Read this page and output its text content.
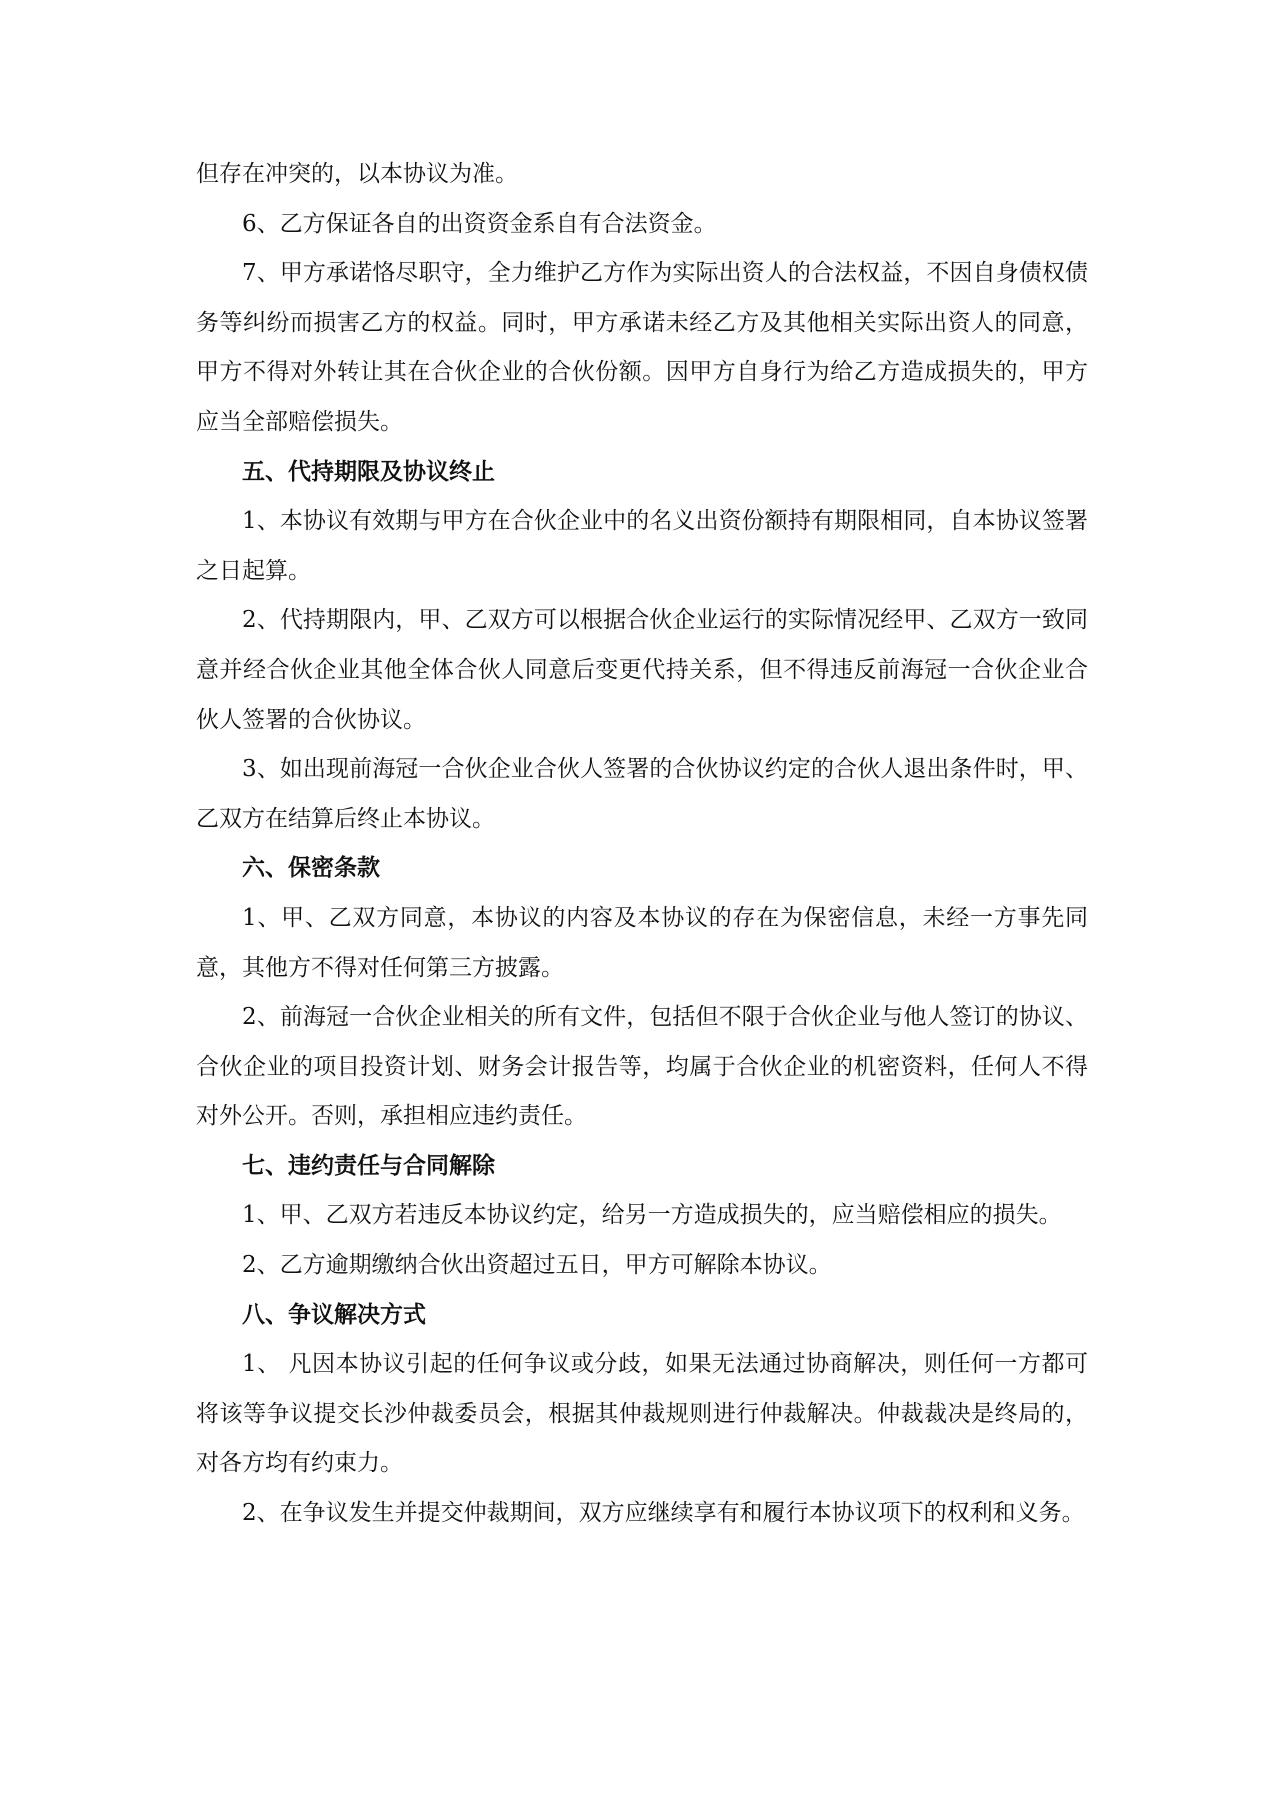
但存在冲突的，以本协议为准。

6、乙方保证各自的出资资金系自有合法资金。

7、甲方承诺恪尽职守，全力维护乙方作为实际出资人的合法权益，不因自身债权债务等纠纷而损害乙方的权益。同时，甲方承诺未经乙方及其他相关实际出资人的同意，甲方不得对外转让其在合伙企业的合伙份额。因甲方自身行为给乙方造成损失的，甲方应当全部赔偿损失。

五、代持期限及协议终止

1、本协议有效期与甲方在合伙企业中的名义出资份额持有期限相同，自本协议签署之日起算。

2、代持期限内，甲、乙双方可以根据合伙企业运行的实际情况经甲、乙双方一致同意并经合伙企业其他全体合伙人同意后变更代持关系，但不得违反前海冠一合伙企业合伙人签署的合伙协议。

3、如出现前海冠一合伙企业合伙人签署的合伙协议约定的合伙人退出条件时，甲、乙双方在结算后终止本协议。

六、保密条款

1、甲、乙双方同意，本协议的内容及本协议的存在为保密信息，未经一方事先同意，其他方不得对任何第三方披露。

2、前海冠一合伙企业相关的所有文件，包括但不限于合伙企业与他人签订的协议、合伙企业的项目投资计划、财务会计报告等，均属于合伙企业的机密资料，任何人不得对外公开。否则，承担相应违约责任。

七、违约责任与合同解除

1、甲、乙双方若违反本协议约定，给另一方造成损失的，应当赔偿相应的损失。

2、乙方逾期缴纳合伙出资超过五日，甲方可解除本协议。

八、争议解决方式

1、 凡因本协议引起的任何争议或分歧，如果无法通过协商解决，则任何一方都可将该等争议提交长沙仲裁委员会，根据其仲裁规则进行仲裁解决。仲裁裁决是终局的，对各方均有约束力。

2、在争议发生并提交仲裁期间，双方应继续享有和履行本协议项下的权利和义务。
